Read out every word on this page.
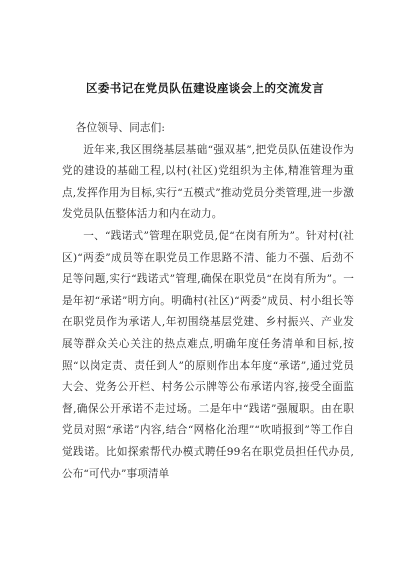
区委书记在党员队伍建设座谈会上的交流发言

各位领导、同志们:

近年来,我区围绕基层基础“强双基”,把党员队伍建设作为党的建设的基础工程,以村(社区)党组织为主体,精准管理为重点,发挥作用为目标,实行“五模式”推动党员分类管理,进一步激发党员队伍整体活力和内在动力。

一、“践诺式”管理在职党员,促“在岗有所为”。针对村(社区)“两委”成员等在职党员工作思路不清、能力不强、后劲不足等问题,实行“践诺式”管理,确保在职党员“在岗有所为”。一是年初“承诺”明方向。明确村(社区)“两委”成员、村小组长等在职党员作为承诺人,年初围绕基层党建、乡村振兴、产业发展等群众关心关注的热点难点,明确年度任务清单和目标,按照“以岗定责、责任到人”的原则作出本年度“承诺”,通过党员大会、党务公开栏、村务公示牌等公布承诺内容,接受全面监督,确保公开承诺不走过场。二是年中“践诺”强履职。由在职党员对照“承诺”内容,结合“网格化治理”“吹哨报到”等工作自觉践诺。比如探索帮代办模式聘任99名在职党员担任代办员,公布“可代办”事项清单
